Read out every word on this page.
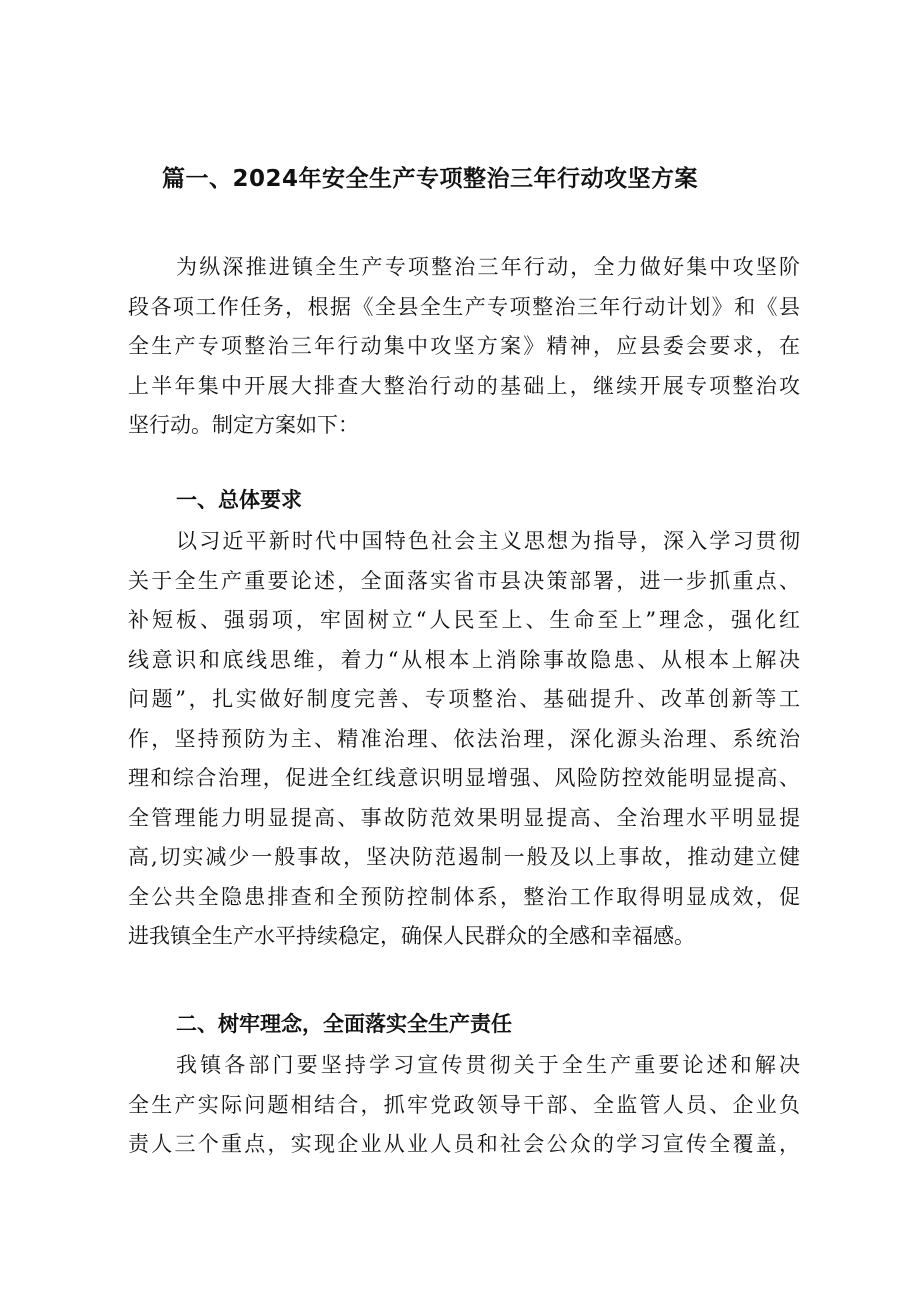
篇一、2024年安全生产专项整治三年行动攻坚方案
为纵深推进镇全生产专项整治三年行动，全力做好集中攻坚阶
段各项工作任务，根据《全县全生产专项整治三年行动计划》和《县
全生产专项整治三年行动集中攻坚方案》精神，应县委会要求，在
上半年集中开展大排查大整治行动的基础上，继续开展专项整治攻
坚行动。制定方案如下：
一、总体要求
以习近平新时代中国特色社会主义思想为指导，深入学习贯彻
关于全生产重要论述，全面落实省市县决策部署，进一步抓重点、
补短板、强弱项，牢固树立“人民至上、生命至上”理念，强化红
线意识和底线思维，着力“从根本上消除事故隐患、从根本上解决
问题”，扎实做好制度完善、专项整治、基础提升、改革创新等工
作，坚持预防为主、精准治理、依法治理，深化源头治理、系统治
理和综合治理，促进全红线意识明显增强、风险防控效能明显提高、
全管理能力明显提高、事故防范效果明显提高、全治理水平明显提
高,切实减少一般事故，坚决防范遏制一般及以上事故，推动建立健
全公共全隐患排查和全预防控制体系，整治工作取得明显成效，促
进我镇全生产水平持续稳定，确保人民群众的全感和幸福感。
二、树牢理念，全面落实全生产责任
我镇各部门要坚持学习宣传贯彻关于全生产重要论述和解决
全生产实际问题相结合，抓牢党政领导干部、全监管人员、企业负
责人三个重点，实现企业从业人员和社会公众的学习宣传全覆盖，
